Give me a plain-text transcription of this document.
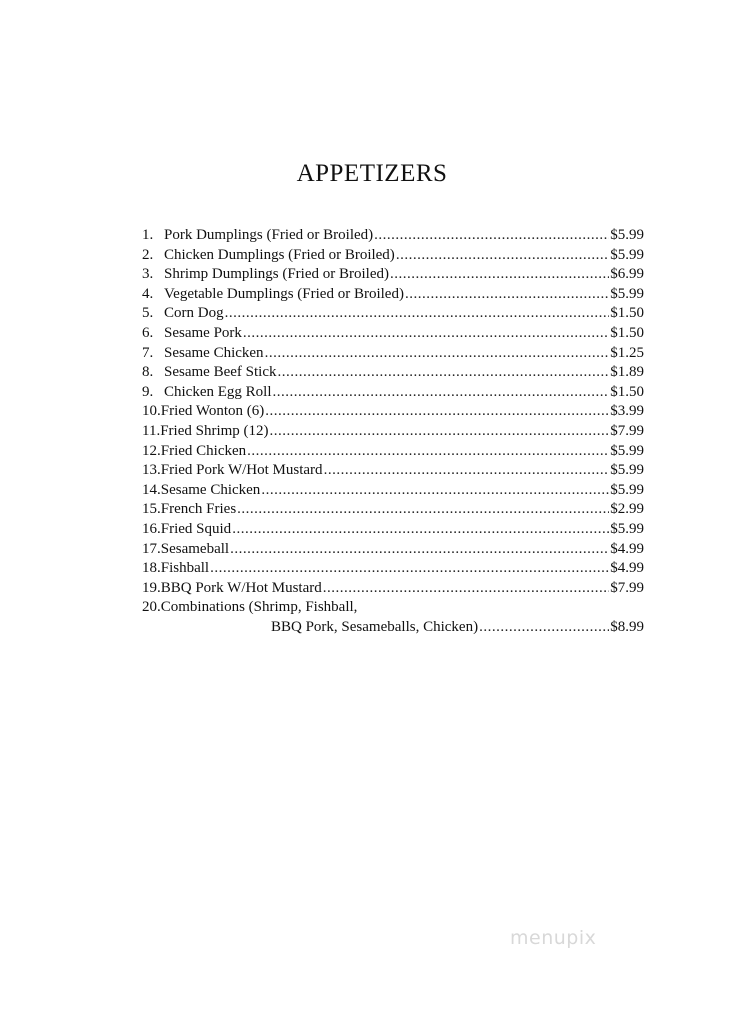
APPETIZERS
1. Pork Dumplings (Fried or Broiled) .....	$5.99
2. Chicken Dumplings (Fried or Broiled) .....	$5.99
3. Shrimp Dumplings (Fried or Broiled) .....	$6.99
4. Vegetable Dumplings (Fried or Broiled) .....	$5.99
5. Corn Dog .....	$1.50
6. Sesame Pork .....	$1.50
7. Sesame Chicken .....	$1.25
8. Sesame Beef Stick .....	$1.89
9. Chicken Egg Roll .....	$1.50
10. Fried Wonton (6) .....	$3.99
11. Fried Shrimp (12) .....	$7.99
12. Fried Chicken .....	$5.99
13. Fried Pork W/Hot Mustard .....	$5.99
14. Sesame Chicken .....	$5.99
15. French Fries .....	$2.99
16. Fried Squid .....	$5.99
17. Sesameball .....	$4.99
18. Fishball .....	$4.99
19. BBQ Pork W/Hot Mustard .....	$7.99
20. Combinations (Shrimp, Fishball,
BBQ Pork, Sesameballs, Chicken) .....	$8.99
menupix
